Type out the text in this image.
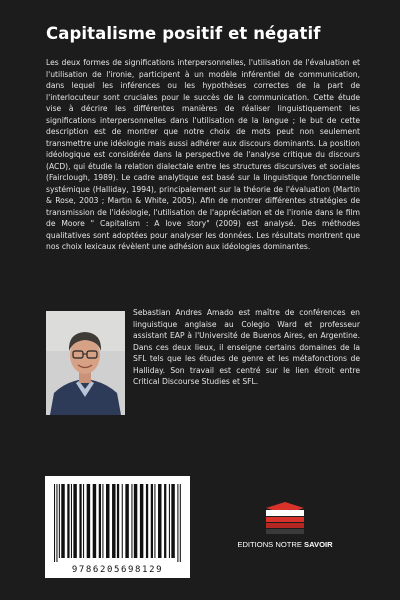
Capitalisme positif et négatif

Les deux formes de significations interpersonnelles, l'utilisation de l'évaluation et l'utilisation de l'ironie, participent à un modèle inférentiel de communication, dans lequel les inférences ou les hypothèses correctes de la part de l'interlocuteur sont cruciales pour le succès de la communication. Cette étude vise à décrire les différentes manières de réaliser linguistiquement les significations interpersonnelles dans l'utilisation de la langue ; le but de cette description est de montrer que notre choix de mots peut non seulement transmettre une idéologie mais aussi adhérer aux discours dominants. La position idéologique est considérée dans la perspective de l'analyse critique du discours (ACD), qui étudie la relation dialectale entre les structures discursives et sociales (Fairclough, 1989). Le cadre analytique est basé sur la linguistique fonctionnelle systémique (Halliday, 1994), principalement sur la théorie de l'évaluation (Martin & Rose, 2003 ; Martin & White, 2005). Afin de montrer différentes stratégies de transmission de l'idéologie, l'utilisation de l'appréciation et de l'ironie dans le film de Moore " Capitalism : A love story" (2009) est analysé. Des méthodes qualitatives sont adoptées pour analyser les données. Les résultats montrent que nos choix lexicaux révèlent une adhésion aux idéologies dominantes.

Sebastian Andres Amado est maître de conférences en linguistique anglaise au Colegio Ward et professeur assistant EAP à l'Université de Buenos Aires, en Argentine. Dans ces deux lieux, il enseigne certains domaines de la SFL tels que les études de genre et les métafonctions de Halliday. Son travail est centré sur le lien étroit entre Critical Discourse Studies et SFL.

9786205698129
EDITIONS NOTRE SAVOIR
